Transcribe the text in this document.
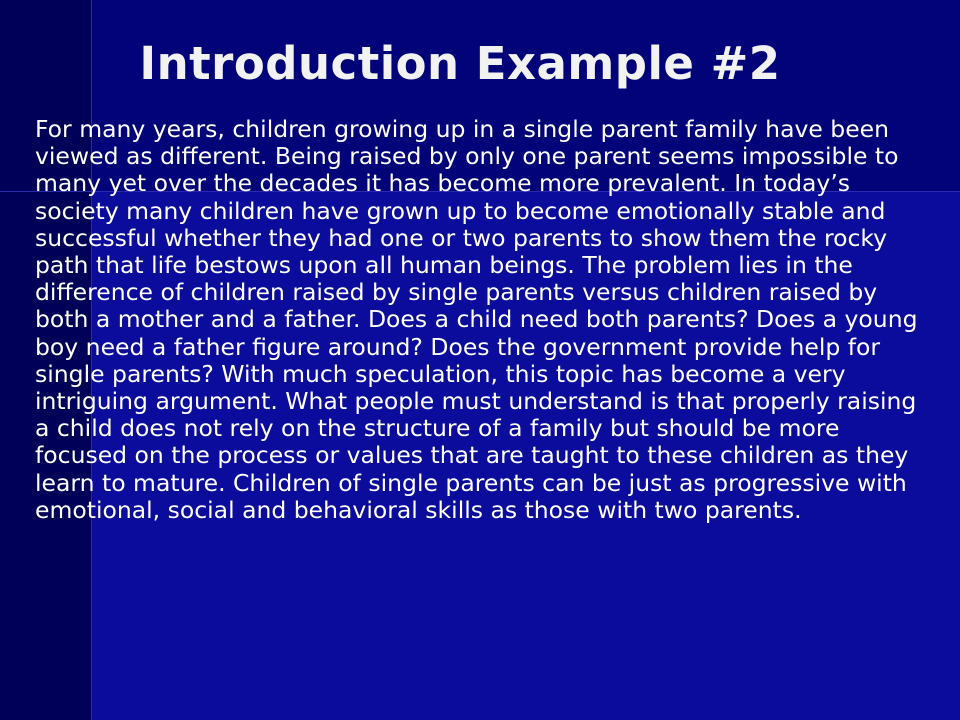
Introduction Example #2

For many years, children growing up in a single parent family have been viewed as different. Being raised by only one parent seems impossible to many yet over the decades it has become more prevalent. In today’s society many children have grown up to become emotionally stable and successful whether they had one or two parents to show them the rocky path that life bestows upon all human beings. The problem lies in the difference of children raised by single parents versus children raised by both a mother and a father. Does a child need both parents? Does a young boy need a father figure around? Does the government provide help for single parents? With much speculation, this topic has become a very intriguing argument. What people must understand is that properly raising a child does not rely on the structure of a family but should be more focused on the process or values that are taught to these children as they learn to mature. Children of single parents can be just as progressive with emotional, social and behavioral skills as those with two parents.
